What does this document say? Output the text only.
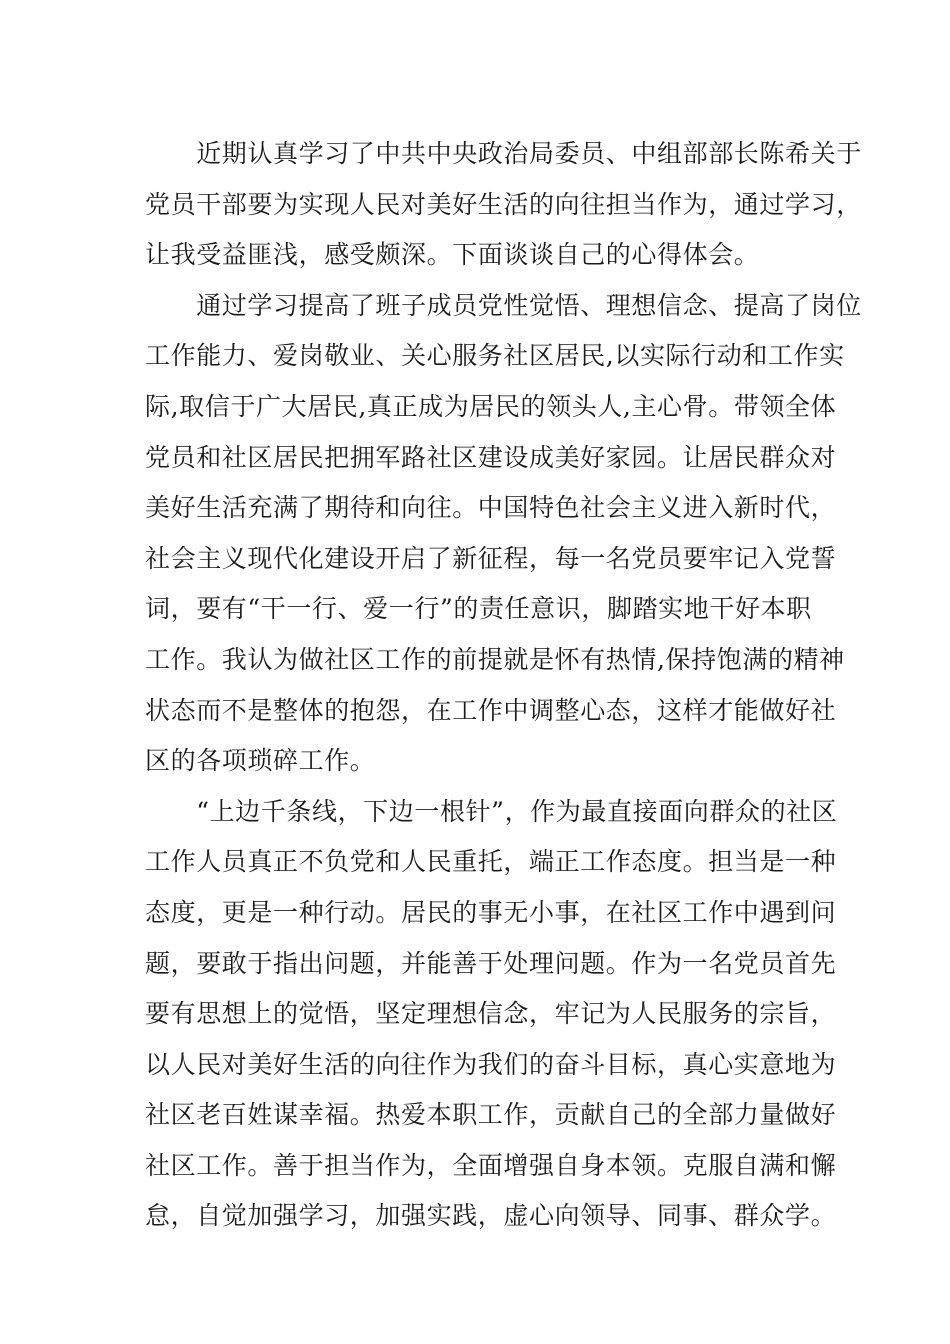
　　近期认真学习了中共中央政治局委员、中组部部长陈希关于
党员干部要为实现人民对美好生活的向往担当作为，通过学习，
让我受益匪浅，感受颇深。下面谈谈自己的心得体会。
　　通过学习提高了班子成员党性觉悟、理想信念、提高了岗位
工作能力、爱岗敬业、关心服务社区居民,以实际行动和工作实
际,取信于广大居民,真正成为居民的领头人,主心骨。带领全体
党员和社区居民把拥军路社区建设成美好家园。让居民群众对
美好生活充满了期待和向往。中国特色社会主义进入新时代，
社会主义现代化建设开启了新征程，每一名党员要牢记入党誓
词，要有“干一行、爱一行”的责任意识，脚踏实地干好本职
工作。我认为做社区工作的前提就是怀有热情,保持饱满的精神
状态而不是整体的抱怨，在工作中调整心态，这样才能做好社
区的各项琐碎工作。
　　“上边千条线，下边一根针”，作为最直接面向群众的社区
工作人员真正不负党和人民重托，端正工作态度。担当是一种
态度，更是一种行动。居民的事无小事，在社区工作中遇到问
题，要敢于指出问题，并能善于处理问题。作为一名党员首先
要有思想上的觉悟，坚定理想信念，牢记为人民服务的宗旨，
以人民对美好生活的向往作为我们的奋斗目标，真心实意地为
社区老百姓谋幸福。热爱本职工作，贡献自己的全部力量做好
社区工作。善于担当作为，全面增强自身本领。克服自满和懈
怠，自觉加强学习，加强实践，虚心向领导、同事、群众学。
